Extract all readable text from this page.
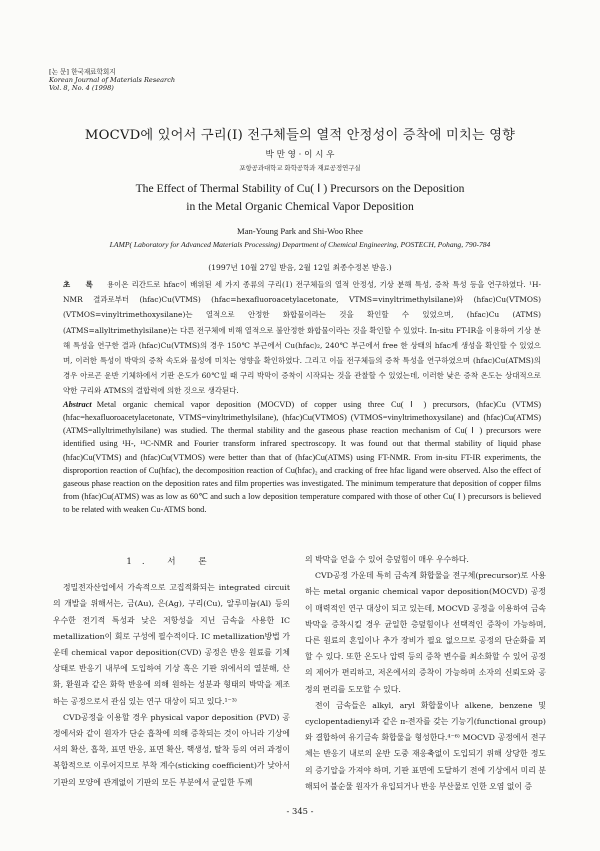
[논 문] 한국재료학회지
Korean Journal of Materials Research
Vol. 8, No. 4 (1998)
MOCVD에 있어서 구리(Ⅰ) 전구체들의 열적 안정성이 증착에 미치는 영향
박 만 영 · 이 시 우
포항공과대학교 화학공학과 재료공정연구실
The Effect of Thermal Stability of Cu( Ⅰ ) Precursors on the Deposition
in the Metal Organic Chemical Vapor Deposition
Man-Young Park and Shi-Woo Rhee
LAMP( Laboratory for Advanced Materials Processing) Department of Chemical Engineering, POSTECH, Pohang, 790-784
(1997년 10월 27일 받음, 2월 12일 최종수정본 받음.)
초 록 용이온 리간드로 hfac이 배위된 세 가지 종류의 구리(Ⅰ) 전구체들의 열적 안정성, 기상 분해 특성, 증착 특성 등을 연구하였다. ¹H-NMR 결과로부터 (hfac)Cu(VTMS) (hfac=hexafluoroacetylacetonate, VTMS=vinyltrimethylsilane)와 (hfac)Cu(VTMOS) (VTMOS=vinyltrimethoxysilane)는 열적으로 안정한 화합물이라는 것을 확인할 수 있었으며, (hfac)Cu (ATMS) (ATMS=allyltrimethylsilane)는 다른 전구체에 비해 열적으로 불안정한 화합물이라는 것을 확인할 수 있었다. In-situ FT-IR을 이용하여 기상 분해 특성을 연구한 결과 (hfac)Cu(VTMS)의 경우 150℃ 부근에서 Cu(hfac)₂, 240℃ 부근에서 free 한 상태의 hfac계 생성을 확인할 수 있었으며, 이러한 특성이 박막의 증착 속도와 물성에 미치는 영향을 확인하였다. 그리고 이들 전구체들의 증착 특성을 연구하였으며 (hfac)Cu(ATMS)의 경우 아르곤 운반 기체하에서 기판 온도가 60℃일 때 구리 박막이 증착이 시작되는 것을 관찰할 수 있었는데, 이러한 낮은 증착 온도는 상대적으로 약한 구리와 ATMS의 결합력에 의한 것으로 생각된다.
Abstract Metal organic chemical vapor deposition (MOCVD) of copper using three Cu( Ⅰ ) precursors, (hfac)Cu (VTMS) (hfac=hexafluoroacetylacetonate, VTMS=vinyltrimethylsilane), (hfac)Cu(VTMOS) (VTMOS=vinyltrimethoxysilane) and (hfac)Cu(ATMS) (ATMS=allyltrimethylsilane) was studied. The thermal stability and the gaseous phase reaction mechanism of Cu( Ⅰ ) precursors were identified using ¹H-, ¹³C-NMR and Fourier transform infrared spectroscopy. It was found out that thermal stability of liquid phase (hfac)Cu(VTMS) and (hfac)Cu(VTMOS) were better than that of (hfac)Cu(ATMS) using FT-NMR. From in-situ FT-IR experiments, the disproportion reaction of Cu(hfac), the decomposition reaction of Cu(hfac)₂ and cracking of free hfac ligand were observed. Also the effect of gaseous phase reaction on the deposition rates and film properties was investigated. The minimum temperature that deposition of copper films from (hfac)Cu(ATMS) was as low as 60℃ and such a low deposition temperature compared with those of other Cu( Ⅰ ) precursors is believed to be related with weaken Cu-ATMS bond.
1. 서 론

정밀전자산업에서 가속적으로 고집적화되는 integrated circuit의 개발을 위해서는, 금(Au), 은(Ag), 구리(Cu), 알루미늄(Al) 등의 우수한 전기적 특성과 낮은 저항성을 지닌 금속을 사용한 IC metallization이 회로 구성에 필수적이다. IC metallization방법 가운데 chemical vapor deposition(CVD) 공정은 반응 원료를 기체 상태로 반응기 내부에 도입하여 기상 혹은 기판 위에서의 열분해, 산화, 환원과 같은 화학 반응에 의해 원하는 성분과 형태의 박막을 제조하는 공정으로서 관심 있는 연구 대상이 되고 있다.¹⁻³⁾

CVD공정을 이용할 경우 physical vapor deposition (PVD) 공정에서와 같이 원자가 단순 흡착에 의해 증착되는 것이 아니라 기상에서의 확산, 흡착, 표면 반응, 표면 확산, 핵생성, 탈착 등의 여러 과정이 복합적으로 이루어지므로 부착 계수(sticking coefficient)가 낮아서 기판의 모양에 관계없이 기판의 모든 부분에서 균일한 두께

의 박막을 얻을 수 있어 층덮힘이 매우 우수하다.

CVD공정 가운데 특히 금속계 화합물을 전구체(precursor)로 사용하는 metal organic chemical vapor deposition(MOCVD) 공정이 매력적인 연구 대상이 되고 있는데, MOCVD 공정을 이용하여 금속 박막을 증착시킬 경우 균일한 층덮힘이나 선택적인 증착이 가능하며, 다른 원료의 혼입이나 추가 장비가 필요 없으므로 공정의 단순화를 꾀할 수 있다. 또한 온도나 압력 등의 증착 변수를 최소화할 수 있어 공정의 제어가 편리하고, 저온에서의 증착이 가능하며 소자의 신뢰도와 공정의 편리를 도모할 수 있다.

전이 금속들은 alkyl, aryl 화합물이나 alkene, benzene 및 cyclopentadienyl과 같은 π-전자를 갖는 기능기(functional group)와 결합하여 유기금속 화합물을 형성한다.⁴⁻⁶⁾ MOCVD 공정에서 전구체는 반응기 내로의 운반 도중 재응축없이 도입되기 위해 상당한 정도의 증기압을 가져야 하며, 기판 표면에 도달하기 전에 기상에서 미리 분해되어 불순물 원자가 유입되거나 반응 부산물로 인한 오염 없이 증

- 345 -
